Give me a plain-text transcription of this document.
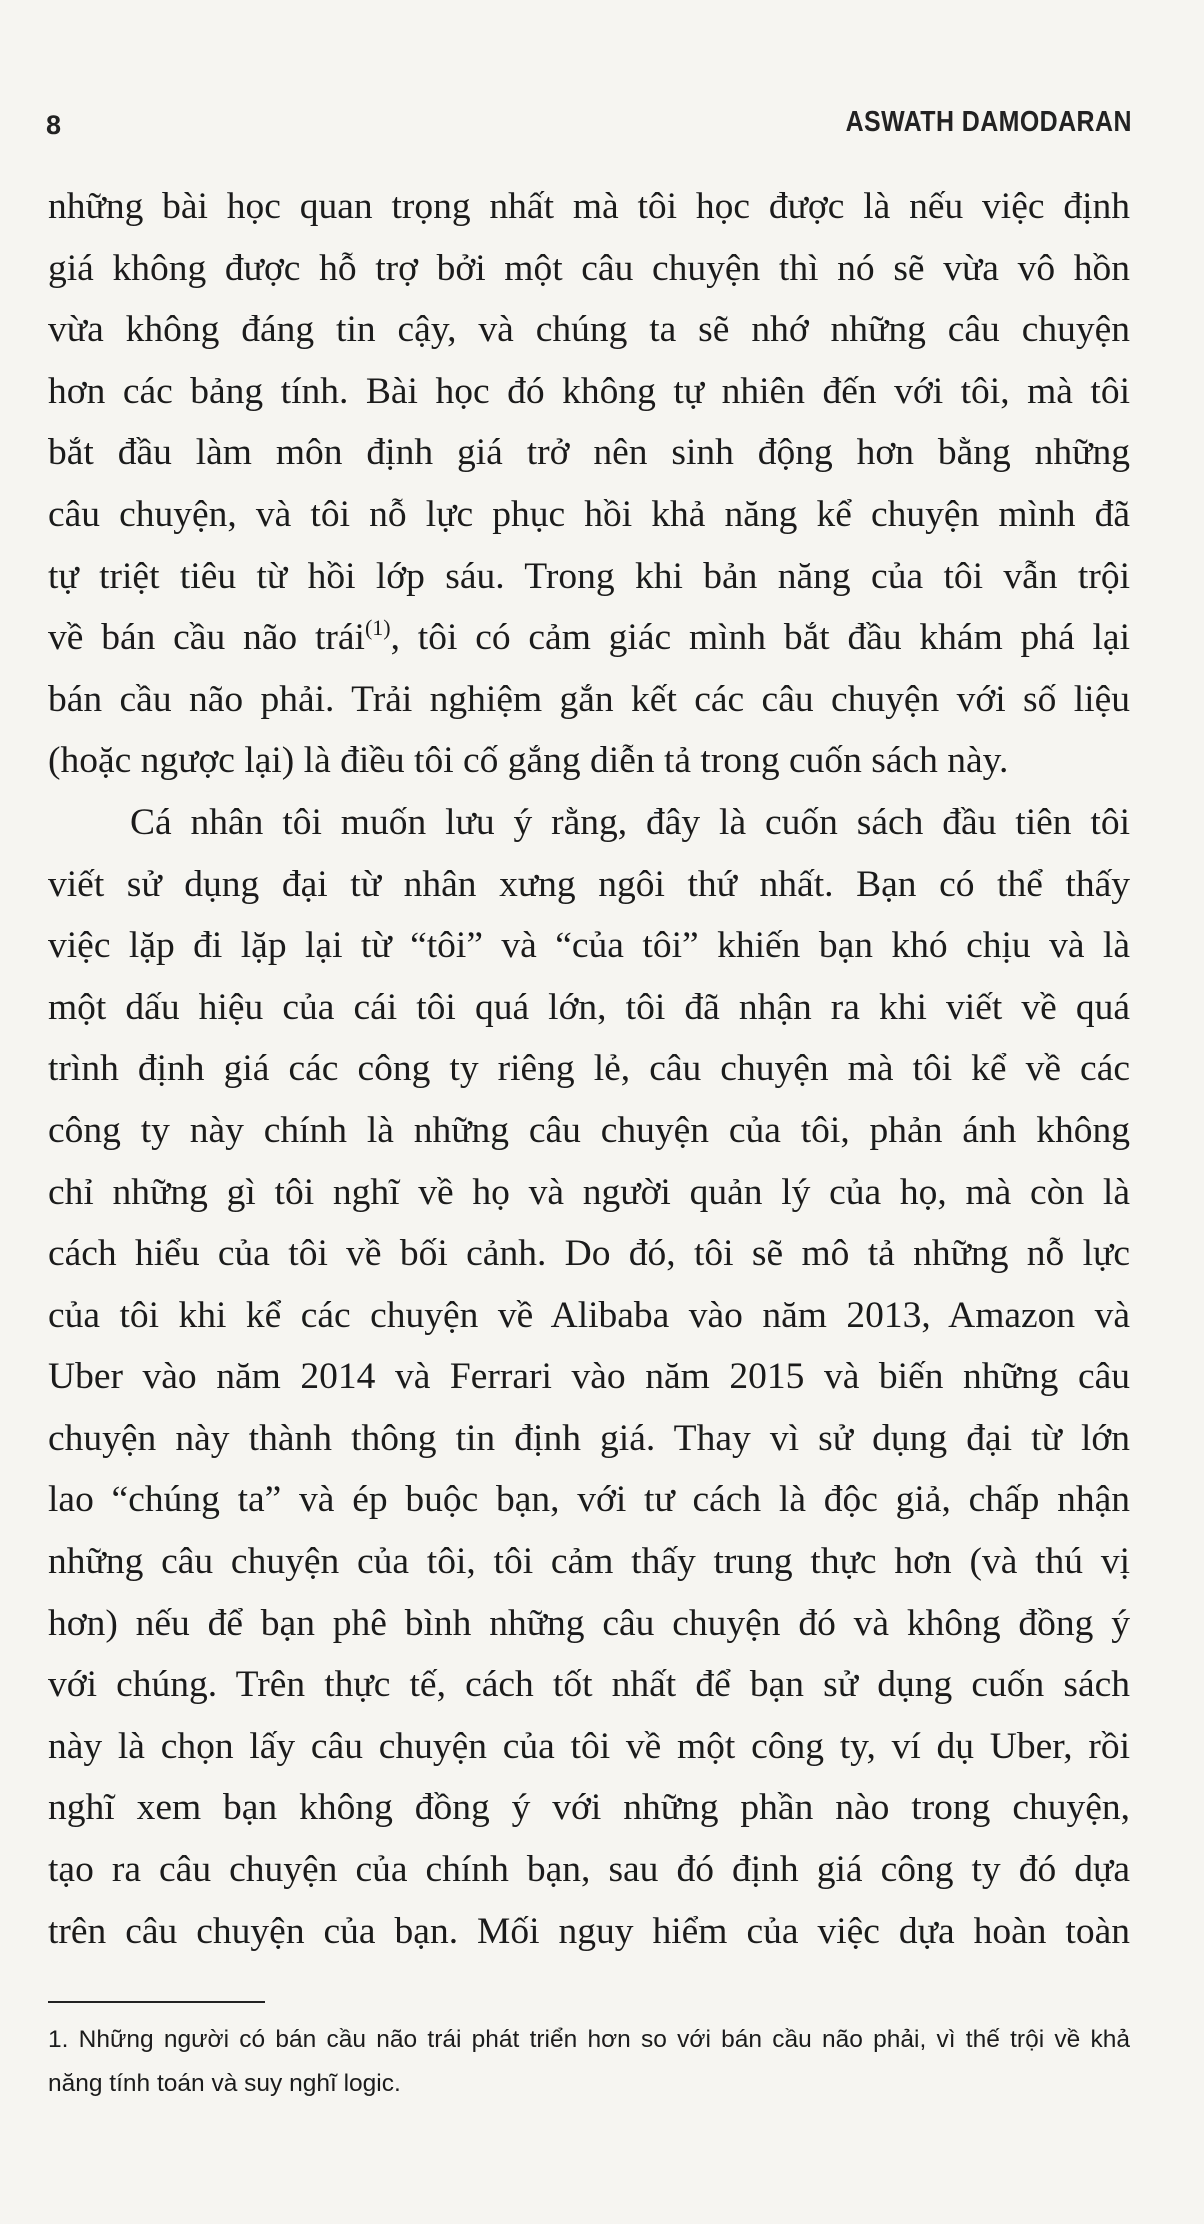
8	ASWATH DAMODARAN
những bài học quan trọng nhất mà tôi học được là nếu việc định
giá không được hỗ trợ bởi một câu chuyện thì nó sẽ vừa vô hồn
vừa không đáng tin cậy, và chúng ta sẽ nhớ những câu chuyện
hơn các bảng tính. Bài học đó không tự nhiên đến với tôi, mà tôi
bắt đầu làm môn định giá trở nên sinh động hơn bằng những
câu chuyện, và tôi nỗ lực phục hồi khả năng kể chuyện mình đã
tự triệt tiêu từ hồi lớp sáu. Trong khi bản năng của tôi vẫn trội
về bán cầu não trái$^{(1)}$, tôi có cảm giác mình bắt đầu khám phá lại
bán cầu não phải. Trải nghiệm gắn kết các câu chuyện với số liệu
(hoặc ngược lại) là điều tôi cố gắng diễn tả trong cuốn sách này.
Cá nhân tôi muốn lưu ý rằng, đây là cuốn sách đầu tiên tôi
viết sử dụng đại từ nhân xưng ngôi thứ nhất. Bạn có thể thấy
việc lặp đi lặp lại từ “tôi” và “của tôi” khiến bạn khó chịu và là
một dấu hiệu của cái tôi quá lớn, tôi đã nhận ra khi viết về quá
trình định giá các công ty riêng lẻ, câu chuyện mà tôi kể về các
công ty này chính là những câu chuyện của tôi, phản ánh không
chỉ những gì tôi nghĩ về họ và người quản lý của họ, mà còn là
cách hiểu của tôi về bối cảnh. Do đó, tôi sẽ mô tả những nỗ lực
của tôi khi kể các chuyện về Alibaba vào năm 2013, Amazon và
Uber vào năm 2014 và Ferrari vào năm 2015 và biến những câu
chuyện này thành thông tin định giá. Thay vì sử dụng đại từ lớn
lao “chúng ta” và ép buộc bạn, với tư cách là độc giả, chấp nhận
những câu chuyện của tôi, tôi cảm thấy trung thực hơn (và thú vị
hơn) nếu để bạn phê bình những câu chuyện đó và không đồng ý
với chúng. Trên thực tế, cách tốt nhất để bạn sử dụng cuốn sách
này là chọn lấy câu chuyện của tôi về một công ty, ví dụ Uber, rồi
nghĩ xem bạn không đồng ý với những phần nào trong chuyện,
tạo ra câu chuyện của chính bạn, sau đó định giá công ty đó dựa
trên câu chuyện của bạn. Mối nguy hiểm của việc dựa hoàn toàn
1. Những người có bán cầu não trái phát triển hơn so với bán cầu não phải, vì thế trội về khả
năng tính toán và suy nghĩ logic.
